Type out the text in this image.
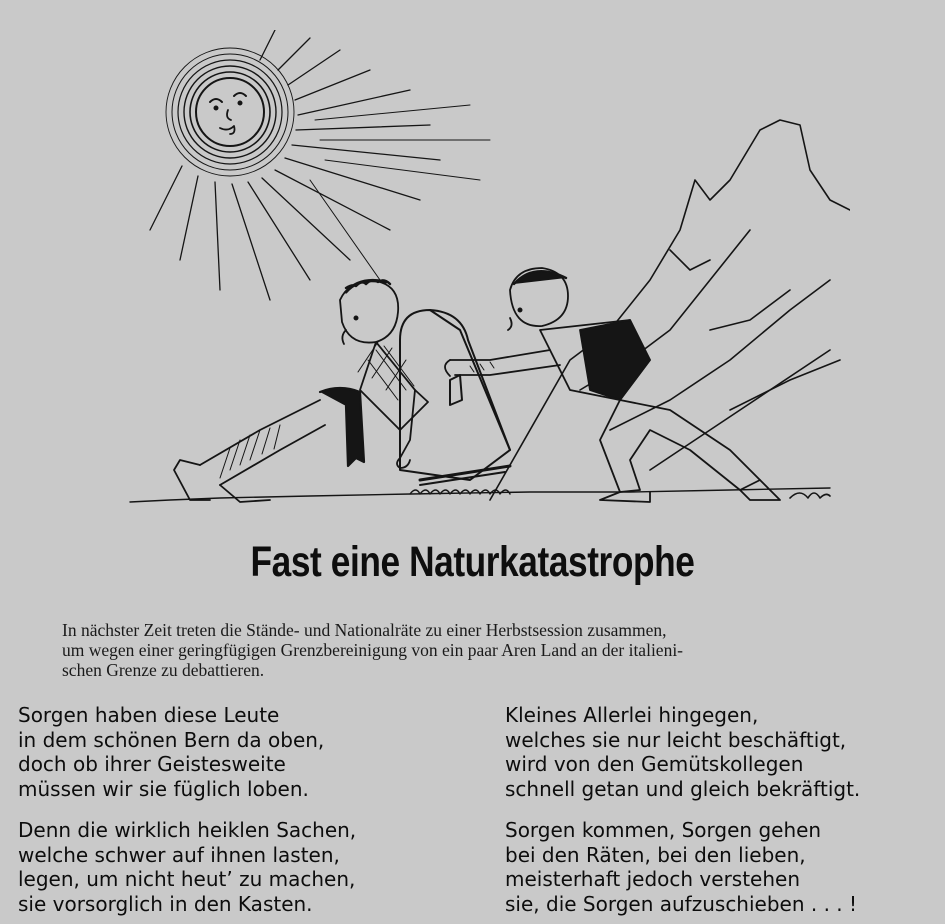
Fast eine Naturkatastrophe
In nächster Zeit treten die Stände- und Nationalräte zu einer Herbstsession zusammen,
um wegen einer geringfügigen Grenzbereinigung von ein paar Aren Land an der italieni-
schen Grenze zu debattieren.
Sorgen haben diese Leute
in dem schönen Bern da oben,
doch ob ihrer Geistesweite
müssen wir sie füglich loben.
Denn die wirklich heiklen Sachen,
welche schwer auf ihnen lasten,
legen, um nicht heut’ zu machen,
sie vorsorglich in den Kasten.
Kleines Allerlei hingegen,
welches sie nur leicht beschäftigt,
wird von den Gemütskollegen
schnell getan und gleich bekräftigt.
Sorgen kommen, Sorgen gehen
bei den Räten, bei den lieben,
meisterhaft jedoch verstehen
sie, die Sorgen aufzuschieben . . . !
